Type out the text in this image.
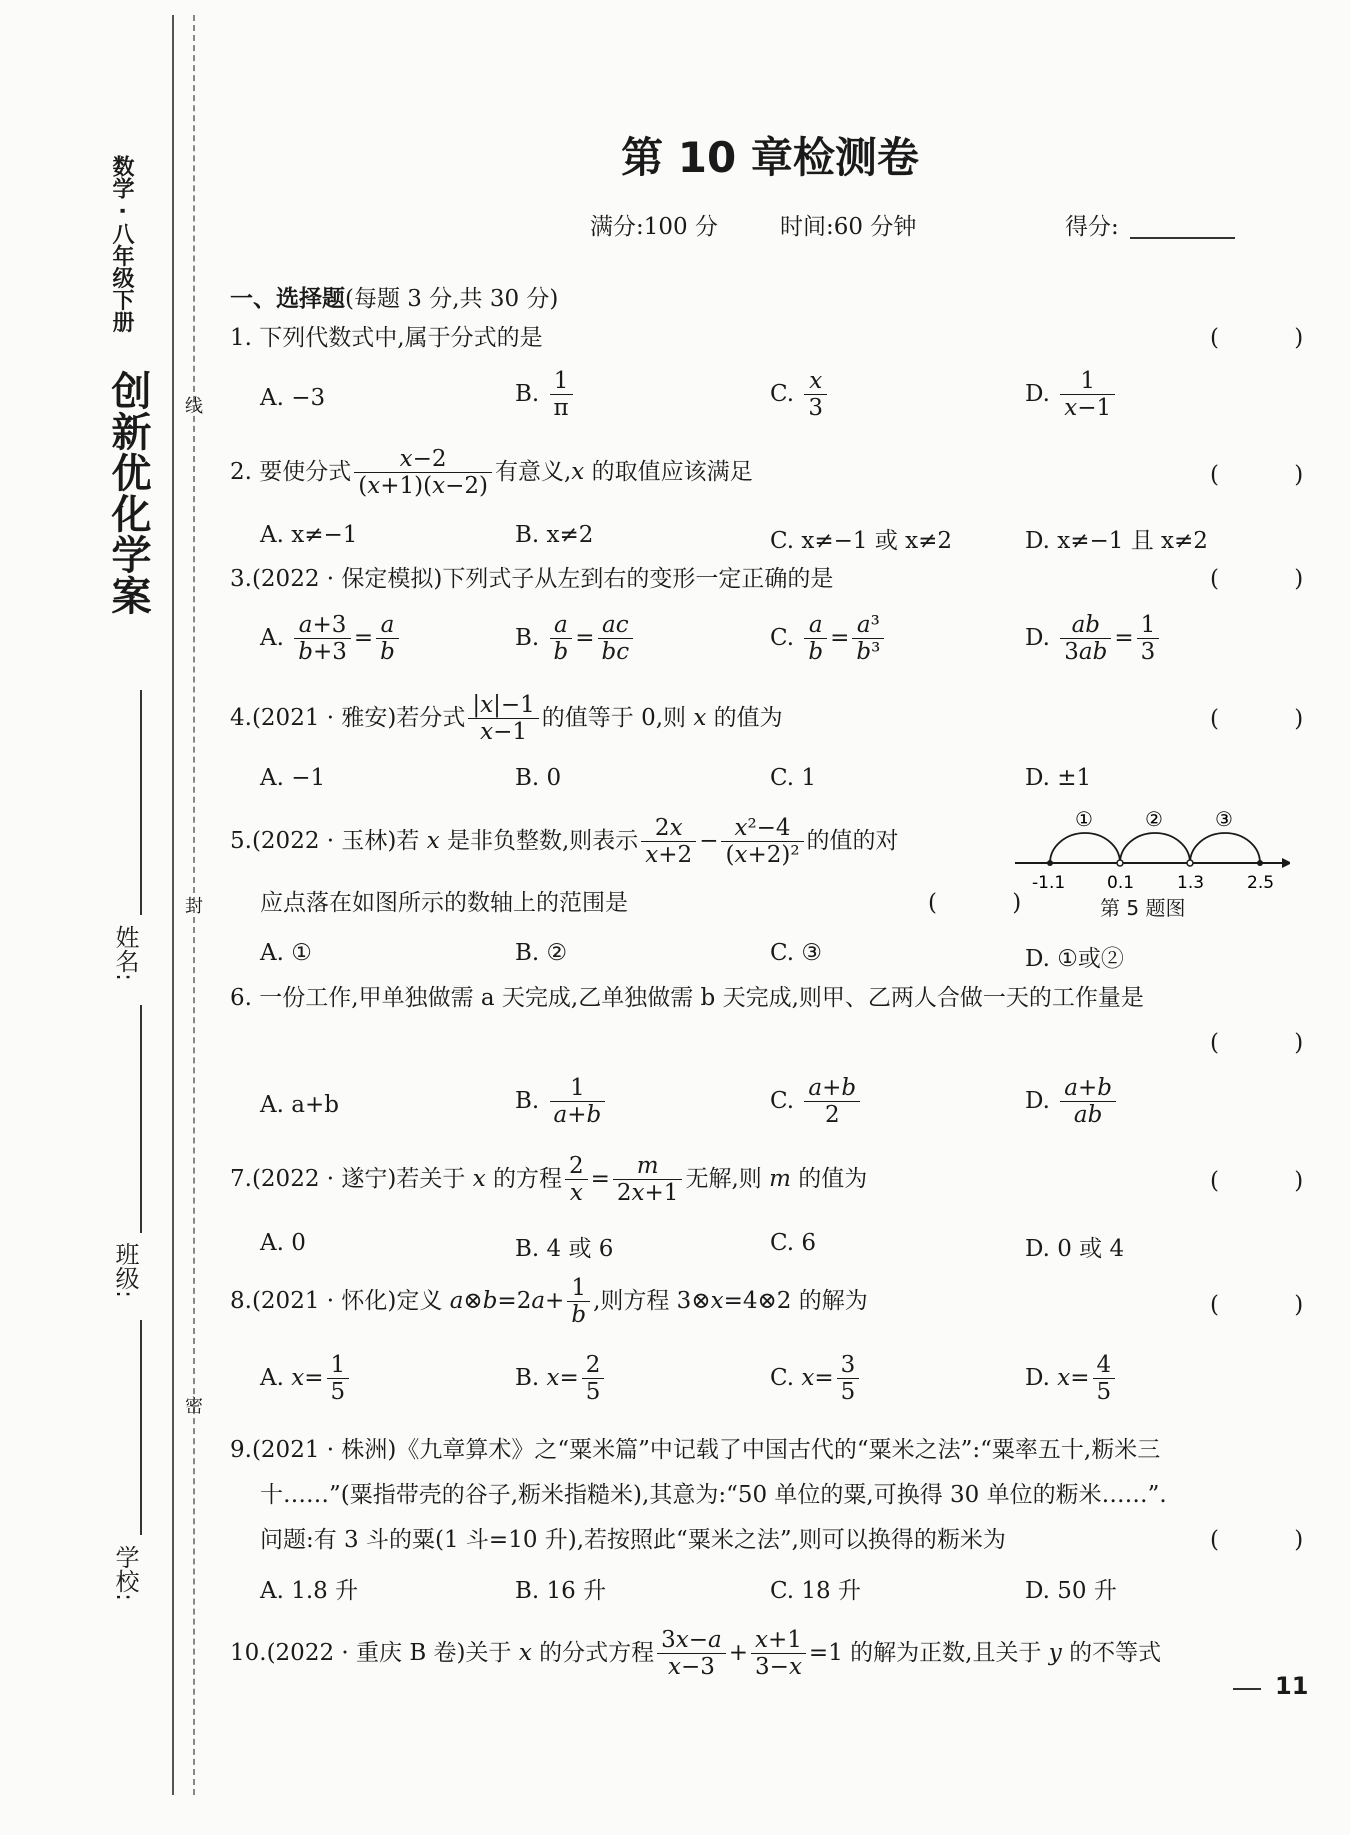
创新优化学案
数学 · 八年级下册
线
封
密
姓名:
班级:
学校:
第 10 章检测卷
满分:100 分	时间:60 分钟	得分:
一、选择题(每题 3 分,共 30 分)
1. 下列代数式中,属于分式的是	( )
A. −3	B. $\frac{1}{\pi}$	C. $\frac{x}{3}$	D. $\frac{1}{x-1}$
2. 要使分式 $\frac{x-2}{(x+1)(x-2)}$ 有意义,x 的取值应该满足	( )
A. x≠−1	B. x≠2	C. x≠−1 或 x≠2	D. x≠−1 且 x≠2
3.(2022 · 保定模拟)下列式子从左到右的变形一定正确的是	( )
A. $\frac{a+3}{b+3} = \frac{a}{b}$	B. $\frac{a}{b} = \frac{ac}{bc}$	C. $\frac{a}{b} = \frac{\text{a³}}{\text{b³}}$	D. $\frac{ab}{3ab} = \frac{1}{3}$
4.(2021 · 雅安)若分式 $\frac{|x|-1}{x-1}$ 的值等于 0,则 x 的值为	( )
A. −1	B. 0	C. 1	D. ±1
5.(2022 · 玉林)若 x 是非负整数,则表示 $\frac{2x}{x+2} - \frac{\text{x²−4}}{\text{(x+2)²}}$ 的值的对
应点落在如图所示的数轴上的范围是	( )
①	②	③
-1.1 0.1	1.3	2.5
第 5 题图
A. ①	B. ②	C. ③	D. ①或②
6. 一份工作,甲单独做需 a 天完成,乙单独做需 b 天完成,则甲、乙两人合做一天的工作量是
( )
A. a+b	B. $\frac{1}{a+b}$	C. $\frac{a+b}{2}$	D. $\frac{a+b}{ab}$
7.(2022 · 遂宁)若关于 x 的方程 $\frac{2}{x} = \frac{m}{2x+1}$ 无解,则 m 的值为	( )
A. 0	B. 4 或 6	C. 6	D. 0 或 4
8.(2021 · 怀化)定义 a⊗b=2a+ $\frac{1}{b}$ ,则方程 3⊗x=4⊗2 的解为	( )
A. $x= \frac{1}{5}$	B. $x= \frac{2}{5}$	C. $x= \frac{3}{5}$	D. $x= \frac{4}{5}$
9.(2021 · 株洲)《九章算术》之“粟米篇”中记载了中国古代的“粟米之法”:“粟率五十,粝米三
十……”(粟指带壳的谷子,粝米指糙米),其意为:“50 单位的粟,可换得 30 单位的粝米……”.
问题:有 3 斗的粟(1 斗=10 升),若按照此“粟米之法”,则可以换得的粝米为	( )
A. 1.8 升	B. 16 升	C. 18 升	D. 50 升
10.(2022 · 重庆 B 卷)关于 x 的分式方程 $\frac{3x-a}{x-3} + \frac{x+1}{3-x} =1$ 的解为正数,且关于 y 的不等式
11
